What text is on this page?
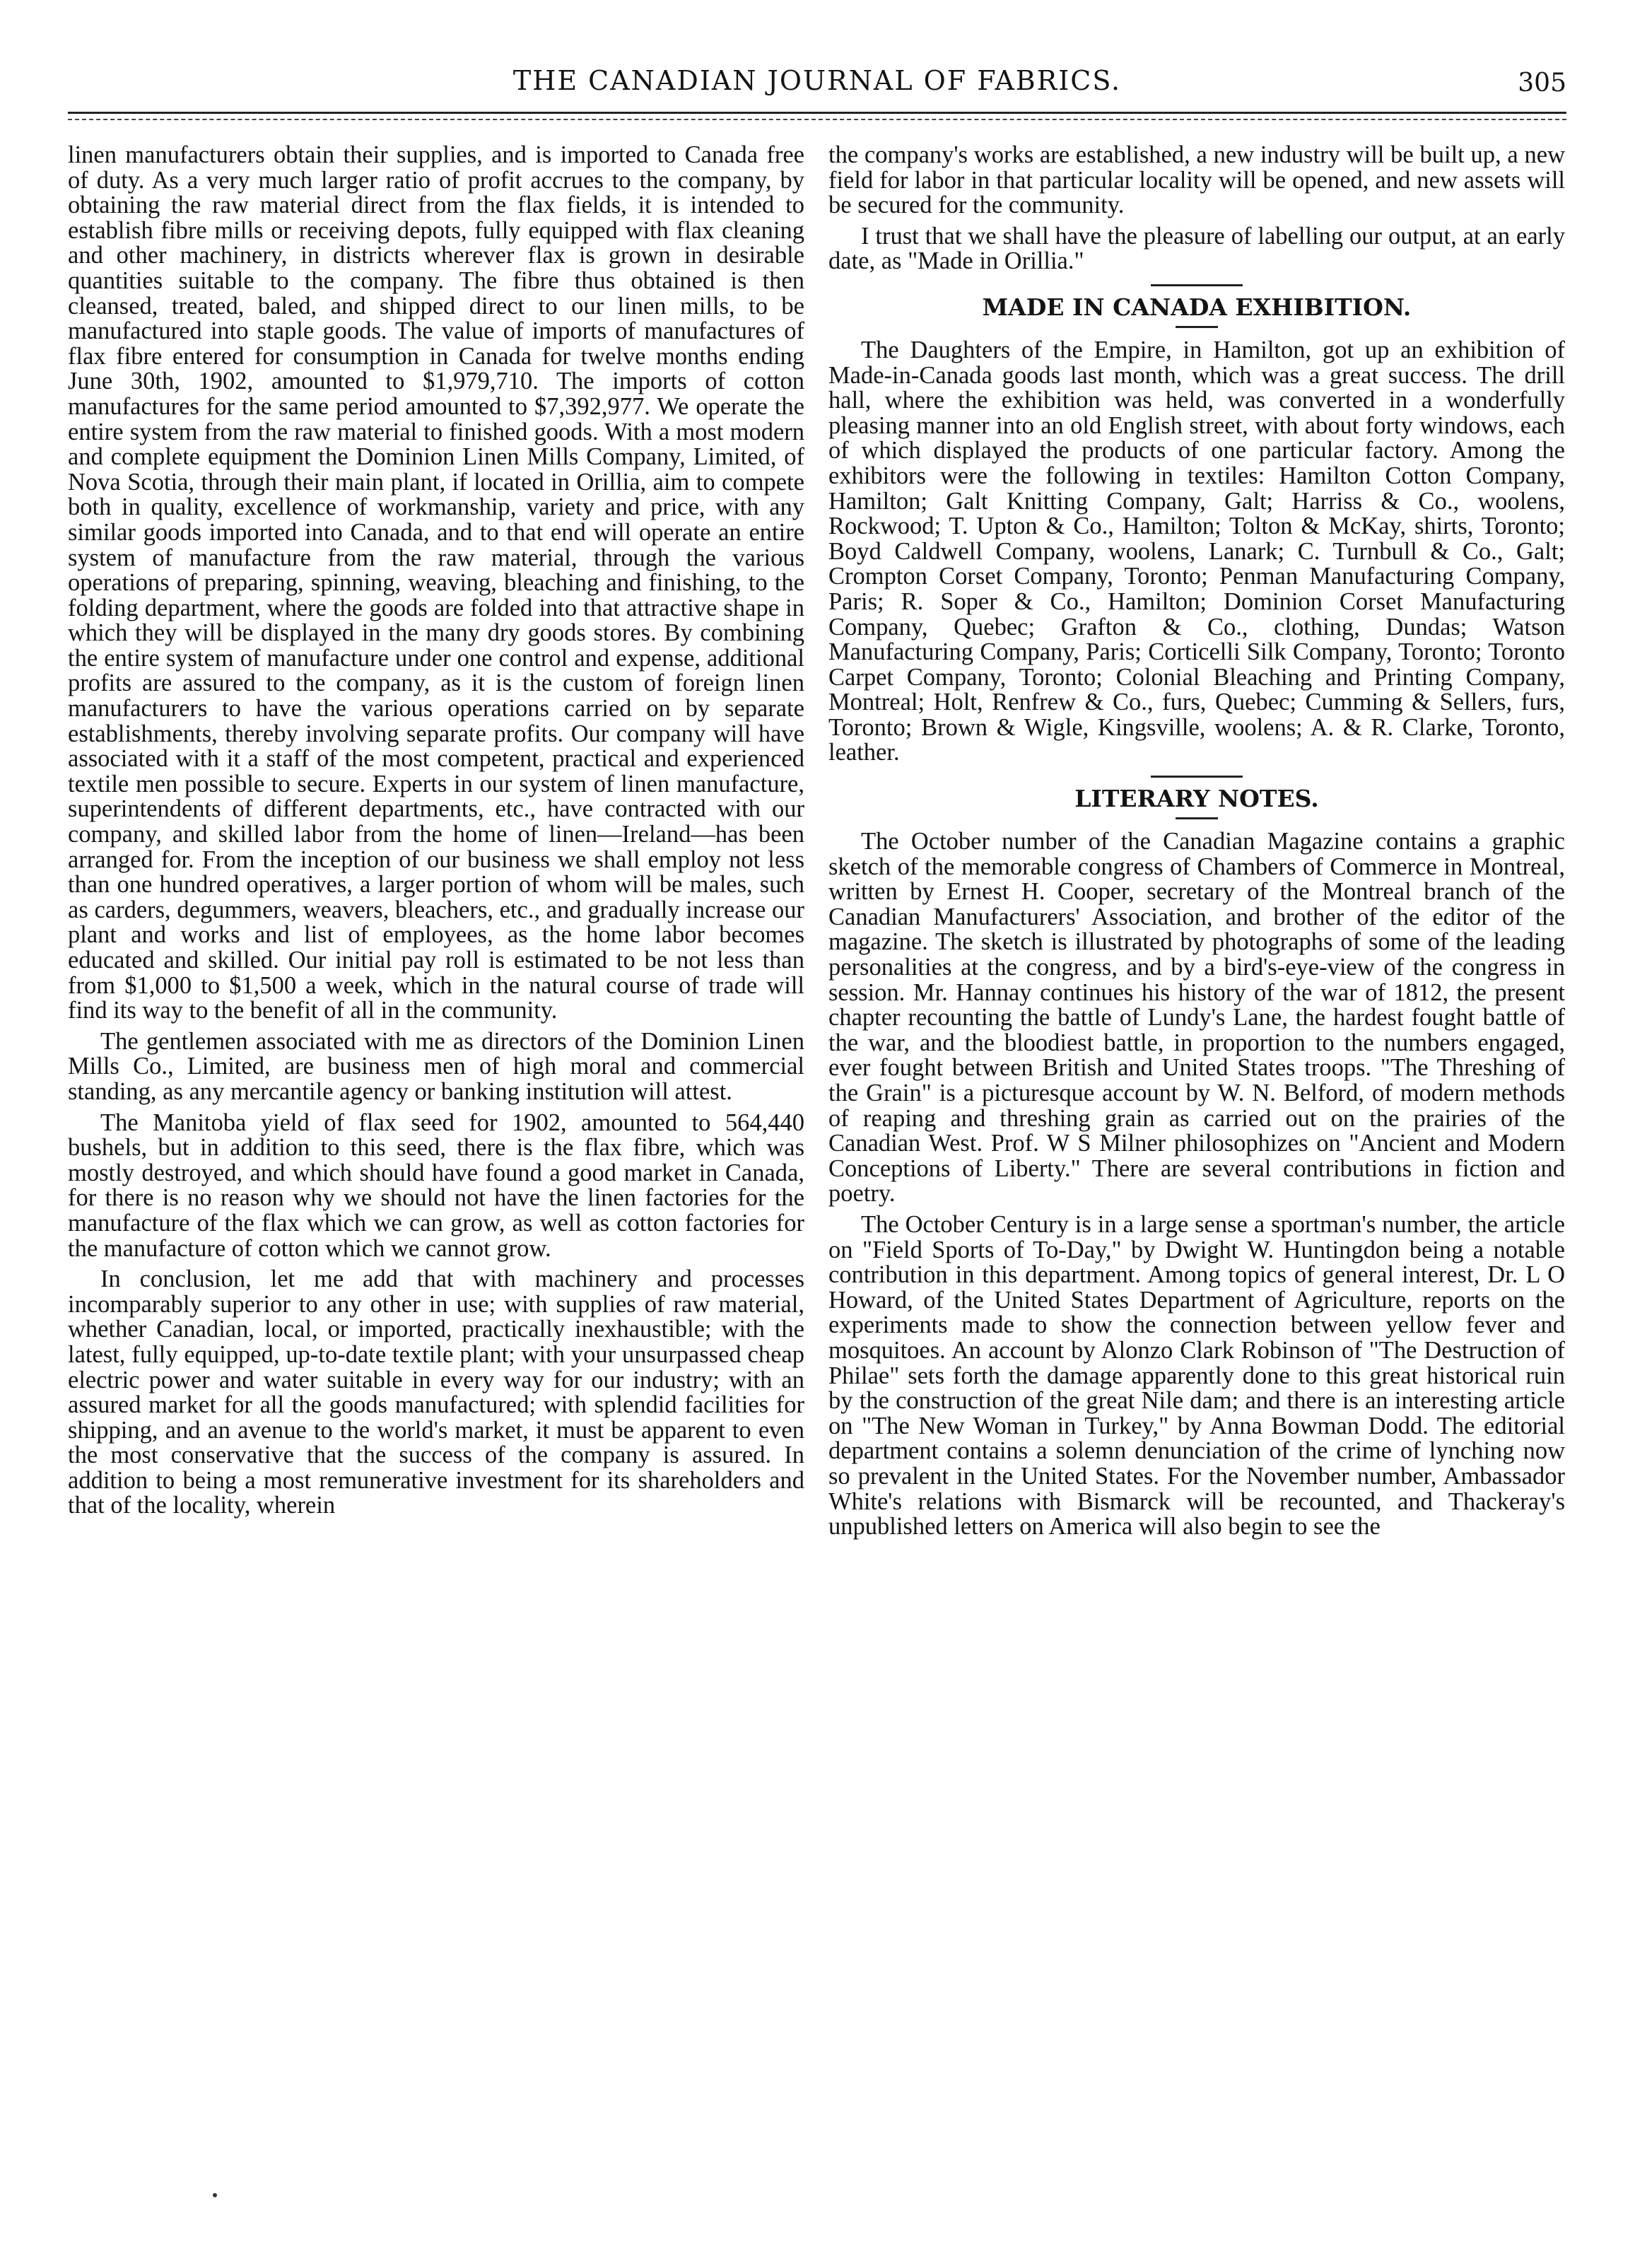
THE CANADIAN JOURNAL OF FABRICS.	305

linen manufacturers obtain their supplies, and is imported to Canada free of duty. As a very much larger ratio of profit accrues to the company, by obtaining the raw material direct from the flax fields, it is intended to establish fibre mills or receiving depots, fully equipped with flax cleaning and other machinery, in districts wherever flax is grown in desirable quantities suitable to the company. The fibre thus obtained is then cleansed, treated, baled, and shipped direct to our linen mills, to be manufactured into staple goods. The value of imports of manufactures of flax fibre entered for consumption in Canada for twelve months ending June 30th, 1902, amounted to $1,979,710. The imports of cotton manufactures for the same period amounted to $7,392,977. We operate the entire system from the raw material to finished goods. With a most modern and complete equipment the Dominion Linen Mills Company, Limited, of Nova Scotia, through their main plant, if located in Orillia, aim to compete both in quality, excellence of workmanship, variety and price, with any similar goods imported into Canada, and to that end will operate an entire system of manufacture from the raw material, through the various operations of preparing, spinning, weaving, bleaching and finishing, to the folding department, where the goods are folded into that attractive shape in which they will be displayed in the many dry goods stores. By combining the entire system of manufacture under one control and expense, additional profits are assured to the company, as it is the custom of foreign linen manufacturers to have the various operations carried on by separate establishments, thereby involving separate profits. Our company will have associated with it a staff of the most competent, practical and experienced textile men possible to secure. Experts in our system of linen manufacture, superintendents of different departments, etc., have contracted with our company, and skilled labor from the home of linen—Ireland—has been arranged for. From the inception of our business we shall employ not less than one hundred operatives, a larger portion of whom will be males, such as carders, degummers, weavers, bleachers, etc., and gradually increase our plant and works and list of employees, as the home labor becomes educated and skilled. Our initial pay roll is estimated to be not less than from $1,000 to $1,500 a week, which in the natural course of trade will find its way to the benefit of all in the community.

The gentlemen associated with me as directors of the Dominion Linen Mills Co., Limited, are business men of high moral and commercial standing, as any mercantile agency or banking institution will attest.

The Manitoba yield of flax seed for 1902, amounted to 564,440 bushels, but in addition to this seed, there is the flax fibre, which was mostly destroyed, and which should have found a good market in Canada, for there is no reason why we should not have the linen factories for the manufacture of the flax which we can grow, as well as cotton factories for the manufacture of cotton which we cannot grow.

In conclusion, let me add that with machinery and processes incomparably superior to any other in use; with supplies of raw material, whether Canadian, local, or imported, practically inexhaustible; with the latest, fully equipped, up-to-date textile plant; with your unsurpassed cheap electric power and water suitable in every way for our industry; with an assured market for all the goods manufactured; with splendid facilities for shipping, and an avenue to the world's market, it must be apparent to even the most conservative that the success of the company is assured. In addition to being a most remunerative investment for its shareholders and that of the locality, wherein

the company's works are established, a new industry will be built up, a new field for labor in that particular locality will be opened, and new assets will be secured for the community.

I trust that we shall have the pleasure of labelling our output, at an early date, as "Made in Orillia."

MADE IN CANADA EXHIBITION.

The Daughters of the Empire, in Hamilton, got up an exhibition of Made-in-Canada goods last month, which was a great success. The drill hall, where the exhibition was held, was converted in a wonderfully pleasing manner into an old English street, with about forty windows, each of which displayed the products of one particular factory. Among the exhibitors were the following in textiles: Hamilton Cotton Company, Hamilton; Galt Knitting Company, Galt; Harriss & Co., woolens, Rockwood; T. Upton & Co., Hamilton; Tolton & McKay, shirts, Toronto; Boyd Caldwell Company, woolens, Lanark; C. Turnbull & Co., Galt; Crompton Corset Company, Toronto; Penman Manufacturing Company, Paris; R. Soper & Co., Hamilton; Dominion Corset Manufacturing Company, Quebec; Grafton & Co., clothing, Dundas; Watson Manufacturing Company, Paris; Corticelli Silk Company, Toronto; Toronto Carpet Company, Toronto; Colonial Bleaching and Printing Company, Montreal; Holt, Renfrew & Co., furs, Quebec; Cumming & Sellers, furs, Toronto; Brown & Wigle, Kingsville, woolens; A. & R. Clarke, Toronto, leather.

LITERARY NOTES.

The October number of the Canadian Magazine contains a graphic sketch of the memorable congress of Chambers of Commerce in Montreal, written by Ernest H. Cooper, secretary of the Montreal branch of the Canadian Manufacturers' Association, and brother of the editor of the magazine. The sketch is illustrated by photographs of some of the leading personalities at the congress, and by a bird's-eye-view of the congress in session. Mr. Hannay continues his history of the war of 1812, the present chapter recounting the battle of Lundy's Lane, the hardest fought battle of the war, and the bloodiest battle, in proportion to the numbers engaged, ever fought between British and United States troops. "The Threshing of the Grain" is a picturesque account by W. N. Belford, of modern methods of reaping and threshing grain as carried out on the prairies of the Canadian West. Prof. W S Milner philosophizes on "Ancient and Modern Conceptions of Liberty." There are several contributions in fiction and poetry.

The October Century is in a large sense a sportman's number, the article on "Field Sports of To-Day," by Dwight W. Huntingdon being a notable contribution in this department. Among topics of general interest, Dr. L O Howard, of the United States Department of Agriculture, reports on the experiments made to show the connection between yellow fever and mosquitoes. An account by Alonzo Clark Robinson of "The Destruction of Philae" sets forth the damage apparently done to this great historical ruin by the construction of the great Nile dam; and there is an interesting article on "The New Woman in Turkey," by Anna Bowman Dodd. The editorial department contains a solemn denunciation of the crime of lynching now so prevalent in the United States. For the November number, Ambassador White's relations with Bismarck will be recounted, and Thackeray's unpublished letters on America will also begin to see the
